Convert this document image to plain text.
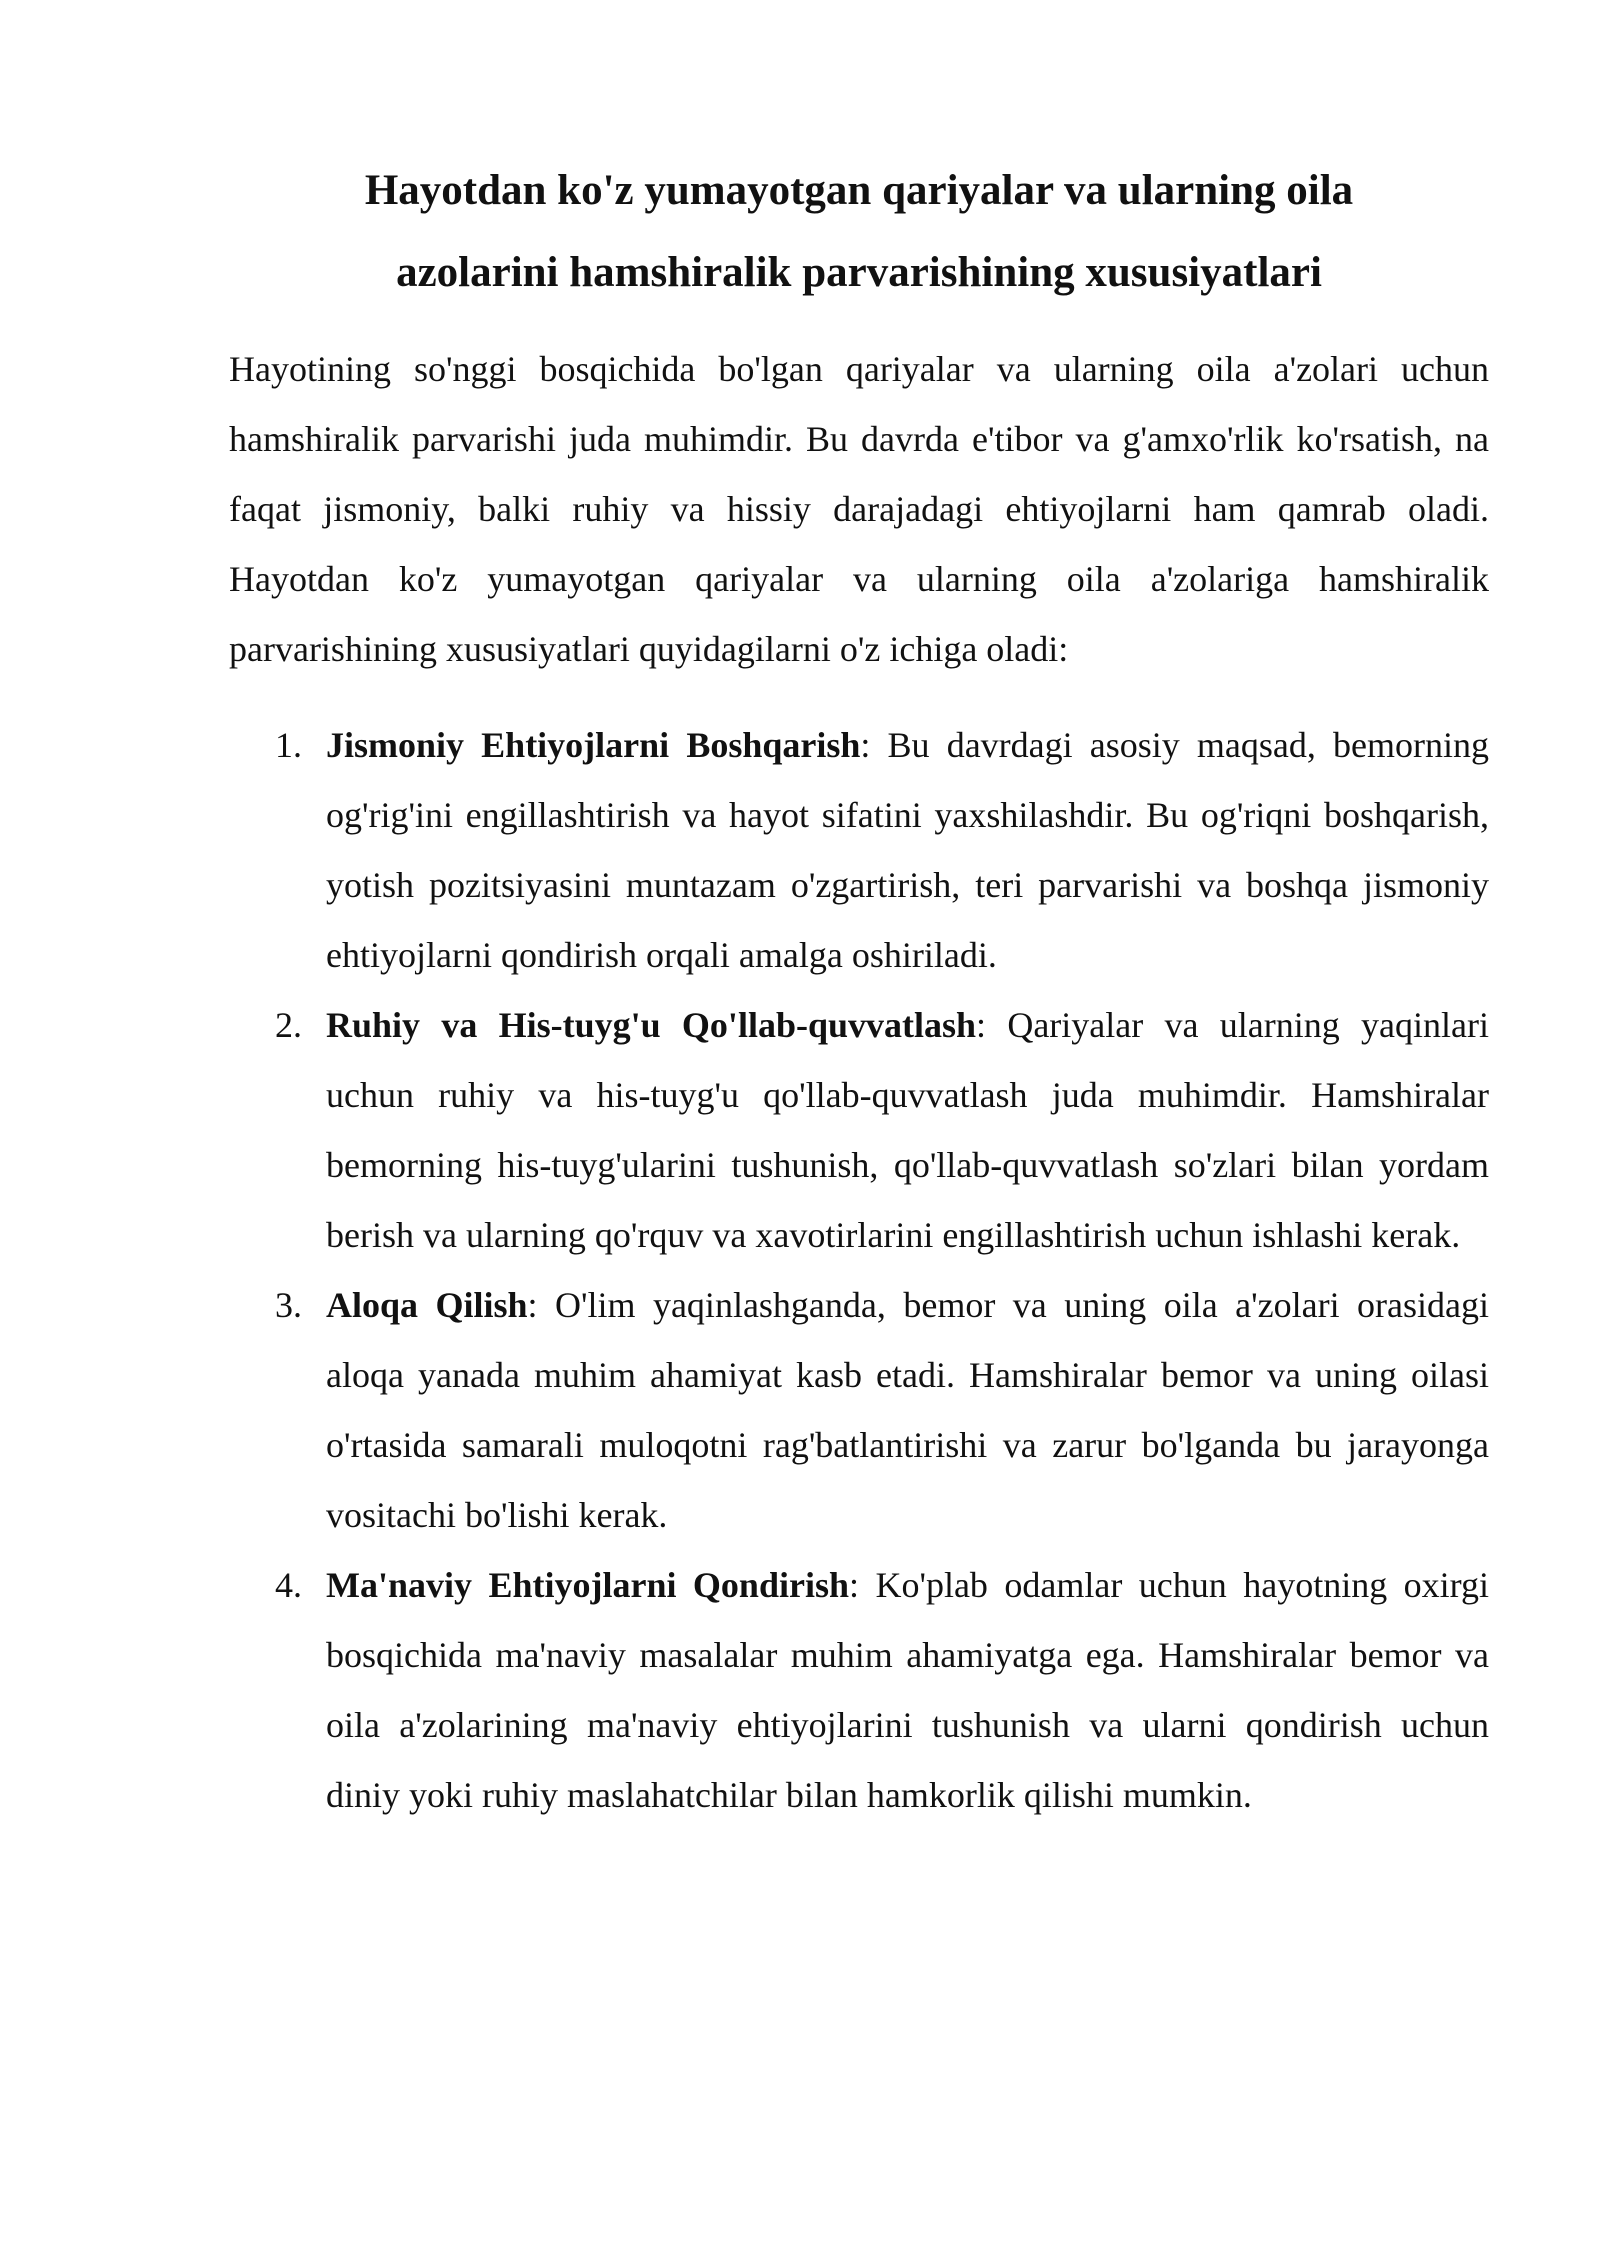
Hayotdan ko'z yumayotgan qariyalar va ularning oila
azolarini hamshiralik parvarishining xususiyatlari

Hayotining so'nggi bosqichida bo'lgan qariyalar va ularning oila a'zolari uchun hamshiralik parvarishi juda muhimdir. Bu davrda e'tibor va g'amxo'rlik ko'rsatish, na faqat jismoniy, balki ruhiy va hissiy darajadagi ehtiyojlarni ham qamrab oladi. Hayotdan ko'z yumayotgan qariyalar va ularning oila a'zolariga hamshiralik parvarishining xususiyatlari quyidagilarni o'z ichiga oladi:

1. Jismoniy Ehtiyojlarni Boshqarish: Bu davrdagi asosiy maqsad, bemorning og'rig'ini engillashtirish va hayot sifatini yaxshilashdir. Bu og'riqni boshqarish, yotish pozitsiyasini muntazam o'zgartirish, teri parvarishi va boshqa jismoniy ehtiyojlarni qondirish orqali amalga oshiriladi.
2. Ruhiy va His-tuyg'u Qo'llab-quvvatlash: Qariyalar va ularning yaqinlari uchun ruhiy va his-tuyg'u qo'llab-quvvatlash juda muhimdir. Hamshiralar bemorning his-tuyg'ularini tushunish, qo'llab-quvvatlash so'zlari bilan yordam berish va ularning qo'rquv va xavotirlarini engillashtirish uchun ishlashi kerak.
3. Aloqa Qilish: O'lim yaqinlashganda, bemor va uning oila a'zolari orasidagi aloqa yanada muhim ahamiyat kasb etadi. Hamshiralar bemor va uning oilasi o'rtasida samarali muloqotni rag'batlantirishi va zarur bo'lganda bu jarayonga vositachi bo'lishi kerak.
4. Ma'naviy Ehtiyojlarni Qondirish: Ko'plab odamlar uchun hayotning oxirgi bosqichida ma'naviy masalalar muhim ahamiyatga ega. Hamshiralar bemor va oila a'zolarining ma'naviy ehtiyojlarini tushunish va ularni qondirish uchun diniy yoki ruhiy maslahatchilar bilan hamkorlik qilishi mumkin.
